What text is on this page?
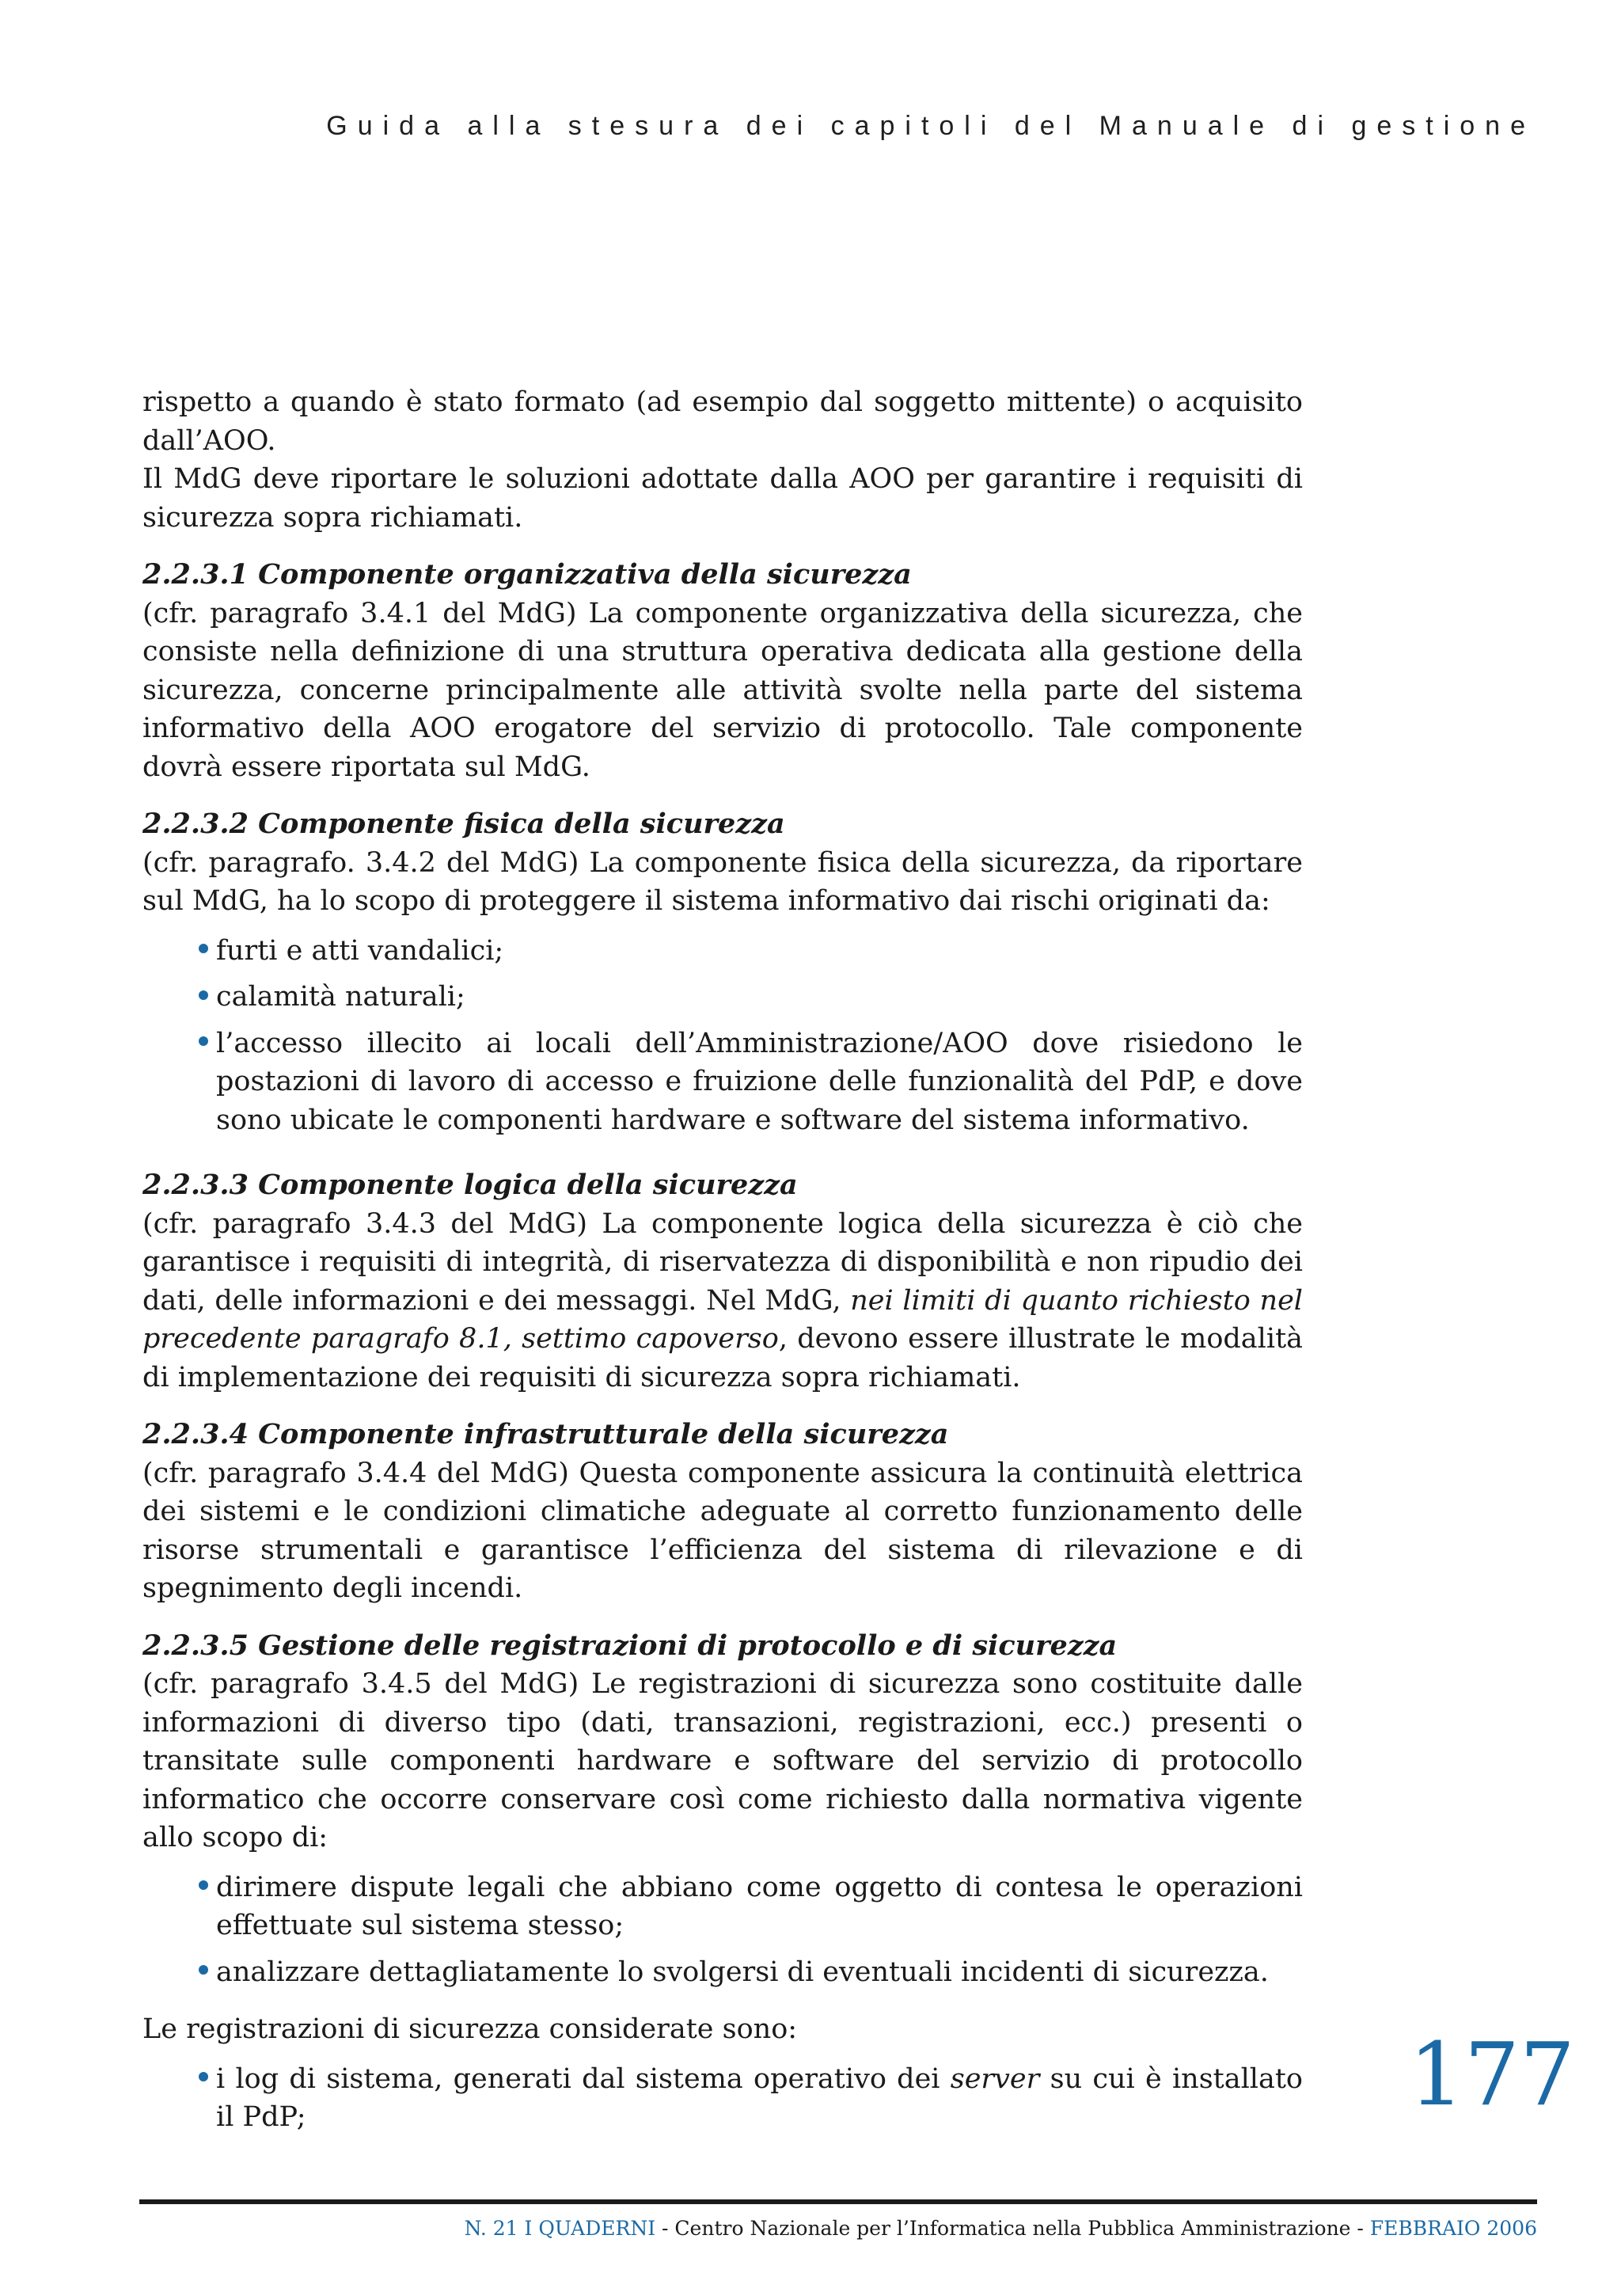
Guida alla stesura dei capitoli del Manuale di gestione

rispetto a quando è stato formato (ad esempio dal soggetto mittente) o acquisito dall’AOO.

Il MdG deve riportare le soluzioni adottate dalla AOO per garantire i requisiti di sicurezza sopra richiamati.

2.2.3.1 Componente organizzativa della sicurezza

(cfr. paragrafo 3.4.1 del MdG) La componente organizzativa della sicurezza, che consiste nella definizione di una struttura operativa dedicata alla gestione della sicurezza, concerne principalmente alle attività svolte nella parte del sistema informativo della AOO erogatore del servizio di protocollo. Tale componente dovrà essere riportata sul MdG.

2.2.3.2 Componente fisica della sicurezza

(cfr. paragrafo. 3.4.2 del MdG) La componente fisica della sicurezza, da riportare sul MdG, ha lo scopo di proteggere il sistema informativo dai rischi originati da:

furti e atti vandalici;
calamità naturali;
l’accesso illecito ai locali dell’Amministrazione/AOO dove risiedono le postazioni di lavoro di accesso e fruizione delle funzionalità del PdP, e dove sono ubicate le componenti hardware e software del sistema informativo.

2.2.3.3 Componente logica della sicurezza

(cfr. paragrafo 3.4.3 del MdG) La componente logica della sicurezza è ciò che garantisce i requisiti di integrità, di riservatezza di disponibilità e non ripudio dei dati, delle informazioni e dei messaggi. Nel MdG, nei limiti di quanto richiesto nel precedente paragrafo 8.1, settimo capoverso, devono essere illustrate le modalità di implementazione dei requisiti di sicurezza sopra richiamati.

2.2.3.4 Componente infrastrutturale della sicurezza

(cfr. paragrafo 3.4.4 del MdG) Questa componente assicura la continuità elettrica dei sistemi e le condizioni climatiche adeguate al corretto funzionamento delle risorse strumentali e garantisce l’efficienza del sistema di rilevazione e di spegnimento degli incendi.

2.2.3.5 Gestione delle registrazioni di protocollo e di sicurezza

(cfr. paragrafo 3.4.5 del MdG) Le registrazioni di sicurezza sono costituite dalle informazioni di diverso tipo (dati, transazioni, registrazioni, ecc.) presenti o transitate sulle componenti hardware e software del servizio di protocollo informatico che occorre conservare così come richiesto dalla normativa vigente allo scopo di:

dirimere dispute legali che abbiano come oggetto di contesa le operazioni effettuate sul sistema stesso;
analizzare dettagliatamente lo svolgersi di eventuali incidenti di sicurezza.

Le registrazioni di sicurezza considerate sono:

i log di sistema, generati dal sistema operativo dei server su cui è installato il PdP;	177
N. 21 I QUADERNI - Centro Nazionale per l’Informatica nella Pubblica Amministrazione - FEBBRAIO 2006
